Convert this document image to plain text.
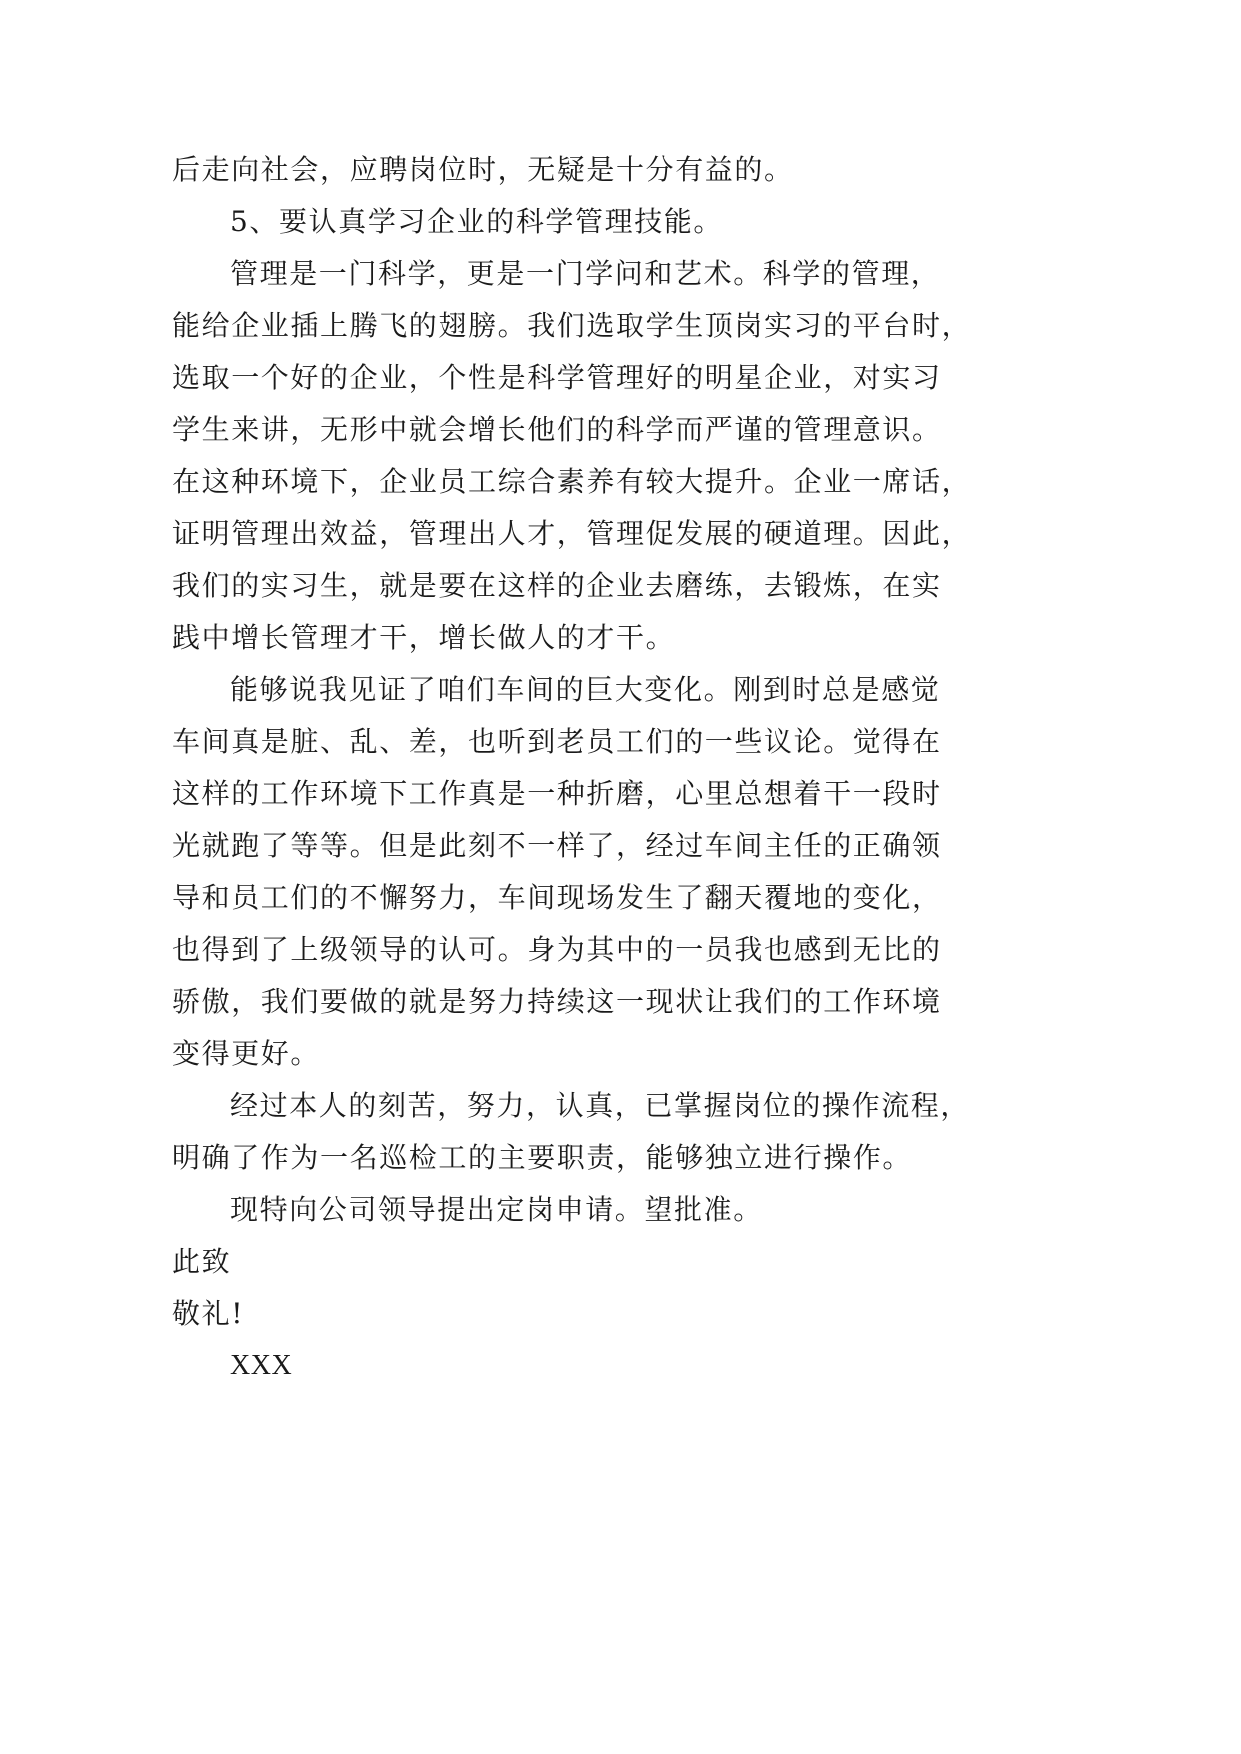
后走向社会，应聘岗位时，无疑是十分有益的。
5、要认真学习企业的科学管理技能。
管理是一门科学，更是一门学问和艺术。科学的管理，
能给企业插上腾飞的翅膀。我们选取学生顶岗实习的平台时，
选取一个好的企业，个性是科学管理好的明星企业，对实习
学生来讲，无形中就会增长他们的科学而严谨的管理意识。
在这种环境下，企业员工综合素养有较大提升。企业一席话，
证明管理出效益，管理出人才，管理促发展的硬道理。因此，
我们的实习生，就是要在这样的企业去磨练，去锻炼，在实
践中增长管理才干，增长做人的才干。
能够说我见证了咱们车间的巨大变化。刚到时总是感觉
车间真是脏、乱、差，也听到老员工们的一些议论。觉得在
这样的工作环境下工作真是一种折磨，心里总想着干一段时
光就跑了等等。但是此刻不一样了，经过车间主任的正确领
导和员工们的不懈努力，车间现场发生了翻天覆地的变化，
也得到了上级领导的认可。身为其中的一员我也感到无比的
骄傲，我们要做的就是努力持续这一现状让我们的工作环境
变得更好。
经过本人的刻苦，努力，认真，已掌握岗位的操作流程，
明确了作为一名巡检工的主要职责，能够独立进行操作。
现特向公司领导提出定岗申请。望批准。
此致
敬礼!
XXX
